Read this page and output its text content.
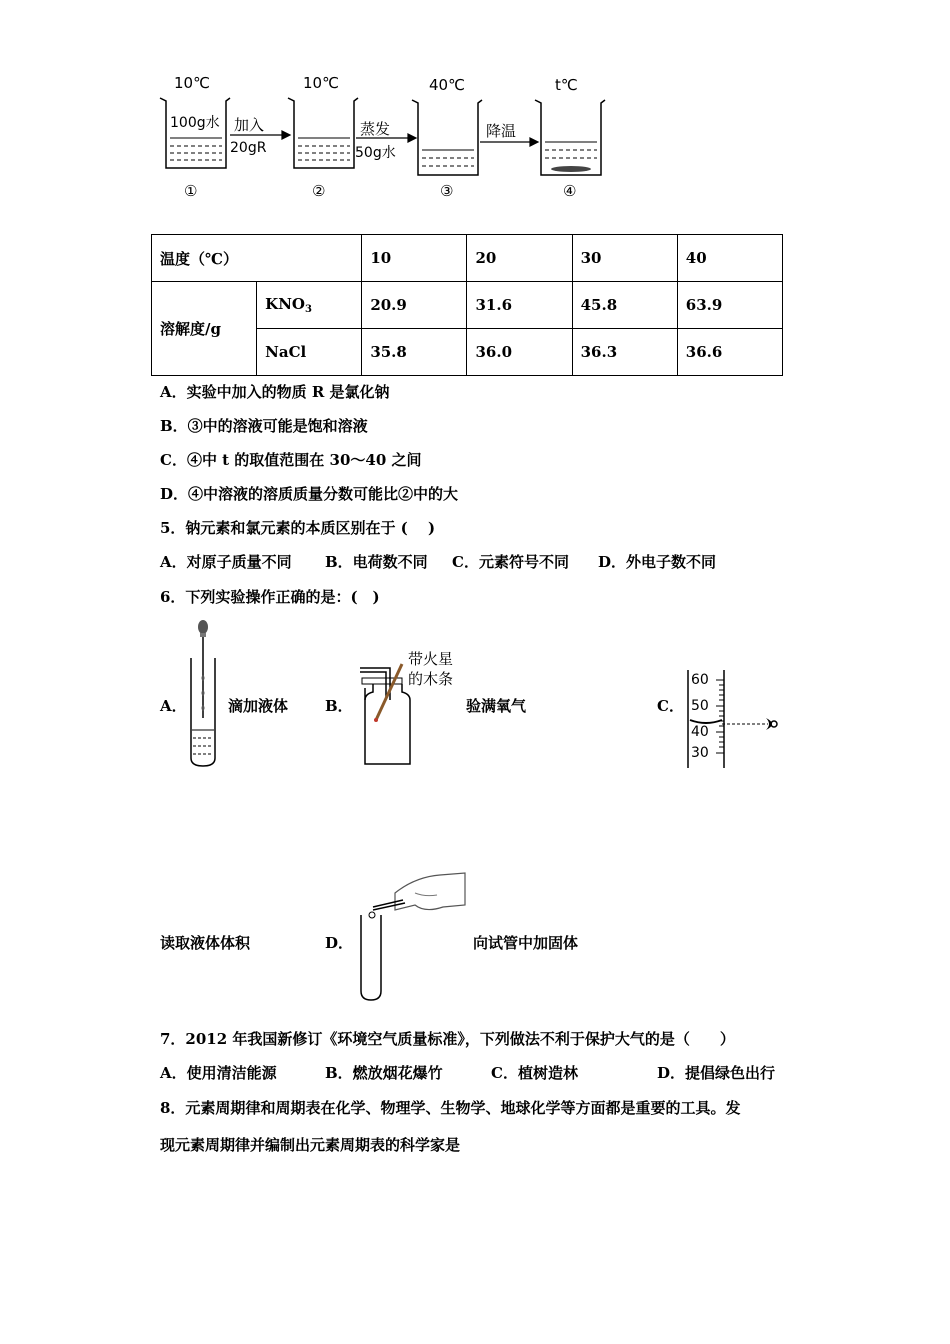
10℃	10℃	40℃	t℃
100g水 加入
20gR
蒸发
50g水
降温
①	②	③	④
温度（℃）		10	20	30	40
溶解度/g	$KNO_3$	20.9	31.6	45.8	63.9
	NaCl	35.8	36.0	36.3	36.6
A．实验中加入的物质 R 是氯化钠
B．③中的溶液可能是饱和溶液
C．④中 t 的取值范围在 30～40 之间
D．④中溶液的溶质质量分数可能比②中的大
5．钠元素和氯元素的本质区别在于 (　 )
A．对原子质量不同 B．电荷数不同 C．元素符号不同 D．外电子数不同
6．下列实验操作正确的是：(　)
A．	滴加液体 B．
带火星
的木条
验满氧气	C．
60
50
40
30
读取液体体积	D．	向试管中加固体
7．2012 年我国新修订《环境空气质量标准》，下列做法不利于保护大气的是（　　）
A．使用清洁能源	B．燃放烟花爆竹	C．植树造林	D．提倡绿色出行
8．元素周期律和周期表在化学、物理学、生物学、地球化学等方面都是重要的工具。发
现元素周期律并编制出元素周期表的科学家是
